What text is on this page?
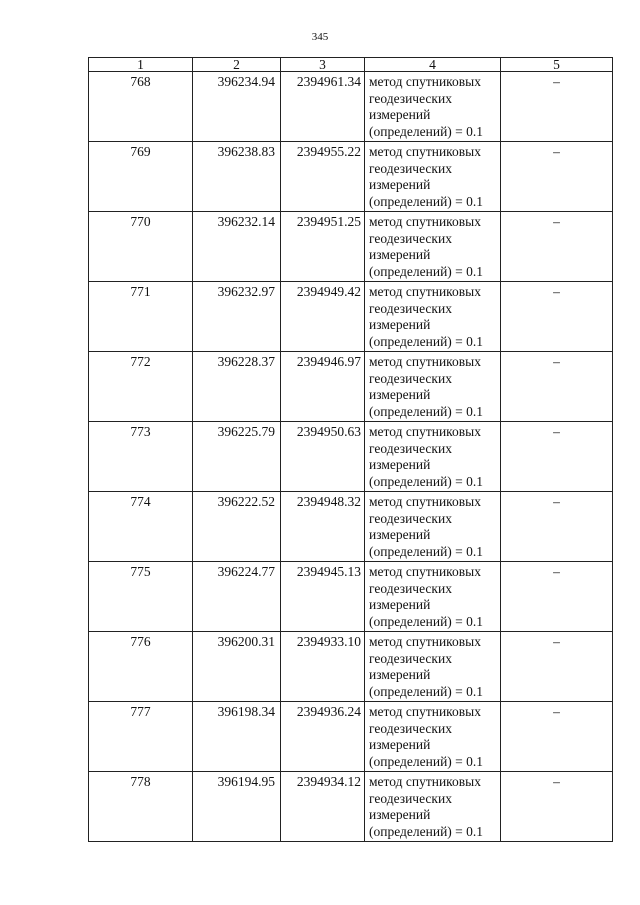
345
1	2	3	4	5
768	396234.94	2394961.34	метод спутниковых
геодезических
измерений
(определений) = 0.1	–
769	396238.83	2394955.22	метод спутниковых
геодезических
измерений
(определений) = 0.1	–
770	396232.14	2394951.25	метод спутниковых
геодезических
измерений
(определений) = 0.1	–
771	396232.97	2394949.42	метод спутниковых
геодезических
измерений
(определений) = 0.1	–
772	396228.37	2394946.97	метод спутниковых
геодезических
измерений
(определений) = 0.1	–
773	396225.79	2394950.63	метод спутниковых
геодезических
измерений
(определений) = 0.1	–
774	396222.52	2394948.32	метод спутниковых
геодезических
измерений
(определений) = 0.1	–
775	396224.77	2394945.13	метод спутниковых
геодезических
измерений
(определений) = 0.1	–
776	396200.31	2394933.10	метод спутниковых
геодезических
измерений
(определений) = 0.1	–
777	396198.34	2394936.24	метод спутниковых
геодезических
измерений
(определений) = 0.1	–
778	396194.95	2394934.12	метод спутниковых
геодезических
измерений
(определений) = 0.1	–
